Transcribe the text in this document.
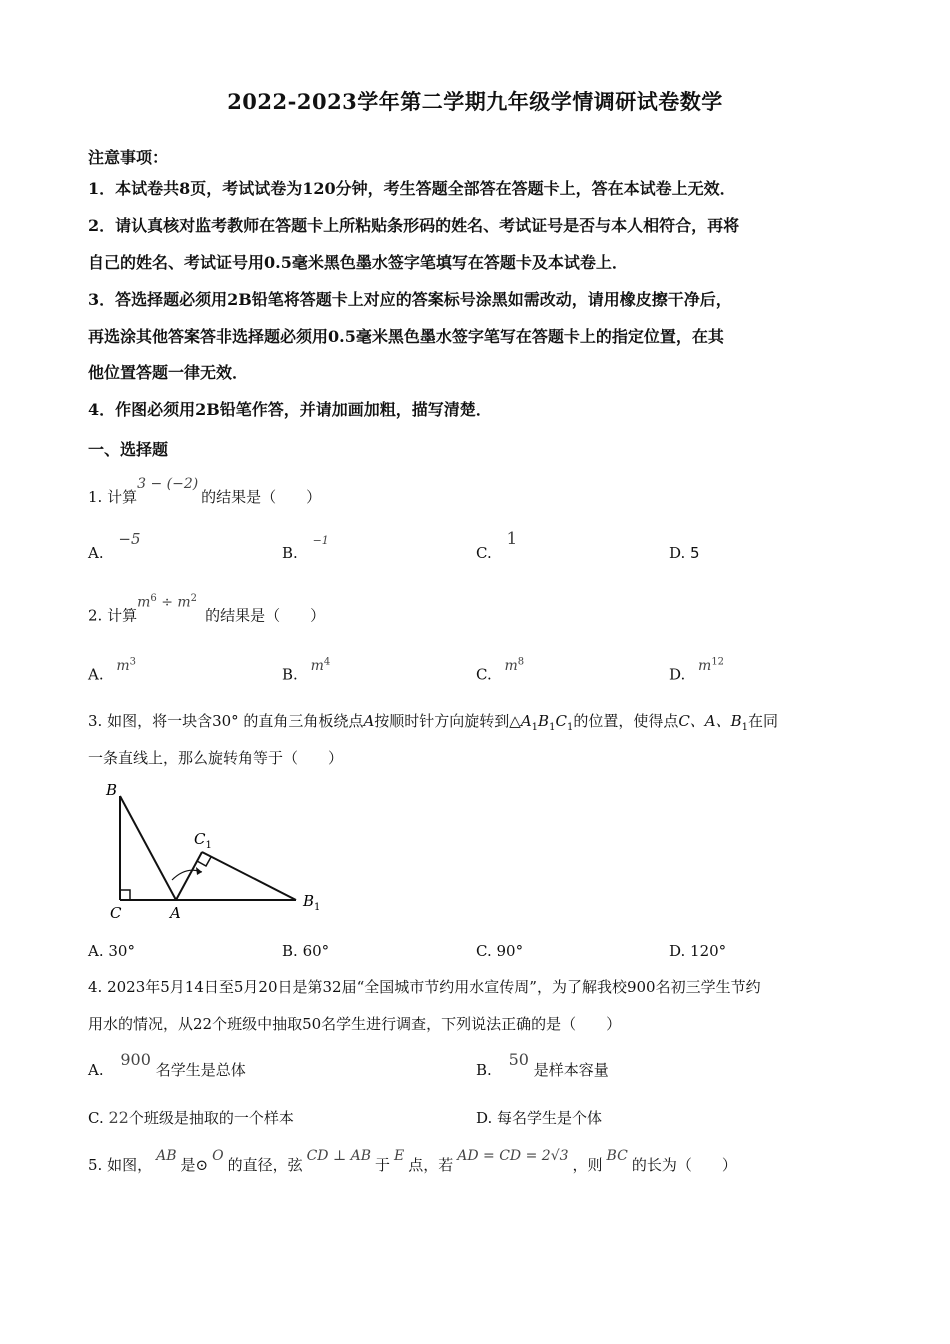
2022-2023学年第二学期九年级学情调研试卷数学
注意事项：
1．本试卷共8页，考试试卷为120分钟，考生答题全部答在答题卡上，答在本试卷上无效．
2．请认真核对监考教师在答题卡上所粘贴条形码的姓名、考试证号是否与本人相符合，再将
自己的姓名、考试证号用0.5毫米黑色墨水签字笔填写在答题卡及本试卷上．
3．答选择题必须用2B铅笔将答题卡上对应的答案标号涂黑如需改动，请用橡皮擦干净后，
再选涂其他答案答非选择题必须用0.5毫米黑色墨水签字笔写在答题卡上的指定位置，在其
他位置答题一律无效．
4．作图必须用2B铅笔作答，并请加画加粗，描写清楚．
一、选择题
1. 计算3 − (−2)的结果是（　　）
A. −5
B. $^{-1}$
C. 1
D. 5
2. 计算$m^6 \div m^2$的结果是（　　）
A. $m^3$
B. $m^4$
C. $m^8$
D. $m^{12}$
3. 如图，将一块含30° 的直角三角板绕点A按顺时针方向旋转到$\triangle A_1B_1C_1$的位置，使得点C、A、$B_1$在同
一条直线上，那么旋转角等于（　　）
B
C	A
$C_1$
$B_1$
A. 30°	B. 60°	C. 90°	D. 120°
4. 2023年5月14日至5月20日是第32届“全国城市节约用水宣传周”，为了解我校900名初三学生节约
用水的情况，从22个班级中抽取50名学生进行调查，下列说法正确的是（　　）
A. 900 名学生是总体	B. 50 是样本容量
C. 22个班级是抽取的一个样本	D. 每名学生是个体
5. 如图， AB 是⊙ O 的直径，弦 CD ⊥ AB 于 E 点，若 AD = CD = 2√3 ，则 BC 的长为（　　）
